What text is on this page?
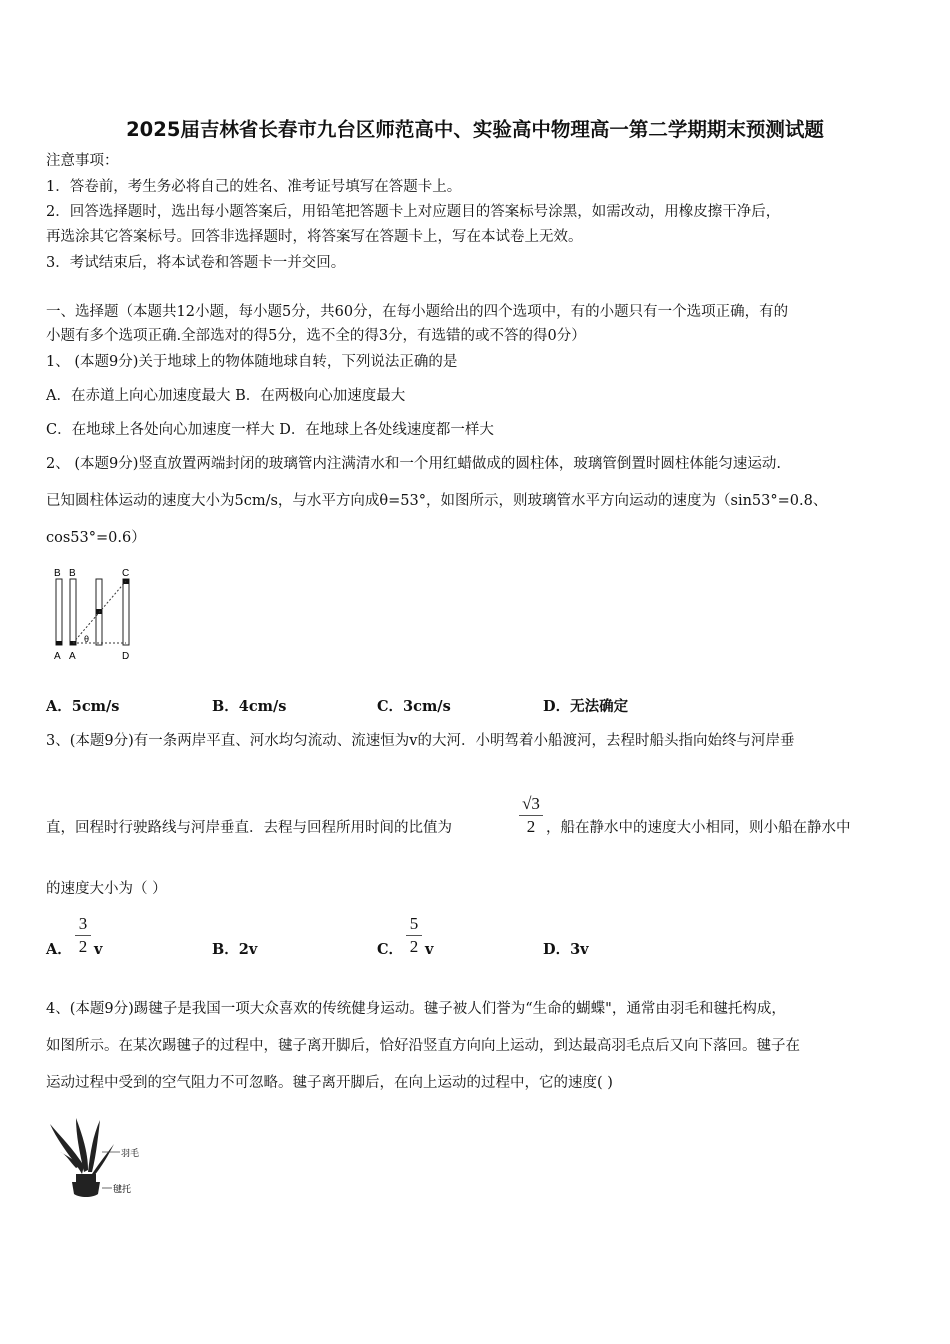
2025届吉林省长春市九台区师范高中、实验高中物理高一第二学期期末预测试题
注意事项：
1．答卷前，考生务必将自己的姓名、准考证号填写在答题卡上。
2．回答选择题时，选出每小题答案后，用铅笔把答题卡上对应题目的答案标号涂黑，如需改动，用橡皮擦干净后，
再选涂其它答案标号。回答非选择题时，将答案写在答题卡上，写在本试卷上无效。
3．考试结束后，将本试卷和答题卡一并交回。
一、选择题（本题共12小题，每小题5分，共60分，在每小题给出的四个选项中，有的小题只有一个选项正确，有的
小题有多个选项正确.全部选对的得5分，选不全的得3分，有选错的或不答的得0分）
1、 (本题9分)关于地球上的物体随地球自转，下列说法正确的是
A．在赤道上向心加速度最大 B．在两极向心加速度最大
C．在地球上各处向心加速度一样大 D．在地球上各处线速度都一样大
2、 (本题9分)竖直放置两端封闭的玻璃管内注满清水和一个用红蜡做成的圆柱体，玻璃管倒置时圆柱体能匀速运动.
已知圆柱体运动的速度大小为5cm/s，与水平方向成θ=53°，如图所示，则玻璃管水平方向运动的速度为（sin53°=0.8、
cos53°=0.6）
B B	C
θ
A A	D
A．5cm/s	B．4cm/s	C．3cm/s	D．无法确定
3、(本题9分)有一条两岸平直、河水均匀流动、流速恒为v的大河．小明驾着小船渡河，去程时船头指向始终与河岸垂
直，回程时行驶路线与河岸垂直．去程与回程所用时间的比值为
√3
2 ，船在静水中的速度大小相同，则小船在静水中
的速度大小为（ ）
A．
3
2 v	B．2v	C．
5
2 v	D．3v
4、(本题9分)踢毽子是我国一项大众喜欢的传统健身运动。毽子被人们誉为“生命的蝴蝶"，通常由羽毛和毽托构成，
如图所示。在某次踢毽子的过程中，毽子离开脚后，恰好沿竖直方向向上运动，到达最高羽毛点后又向下落回。毽子在
运动过程中受到的空气阻力不可忽略。毽子离开脚后，在向上运动的过程中，它的速度( )
羽毛
毽托
